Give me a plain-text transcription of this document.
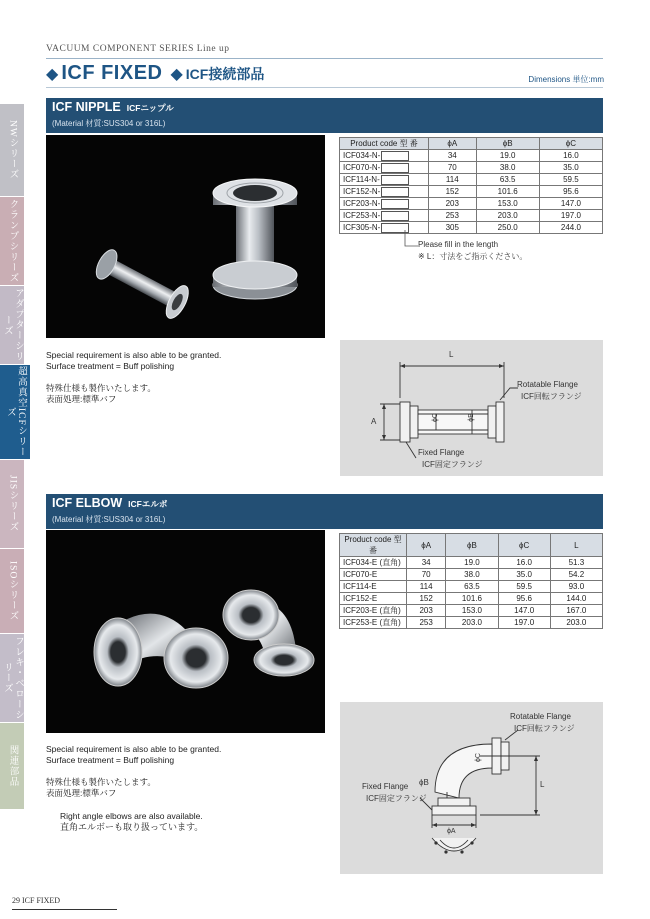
VACUUM COMPONENT SERIES Line up
◆ ICF FIXED ◆ ICF接続部品	Dimensions 単位:mm
NWシリーズ
クランプシリーズ
アダプターシリーズ
超高真空ICFシリーズ
JISシリーズ
ISOシリーズ
フレキ・ベローシリーズ
関連部品
ICF NIPPLE ICFニップル
(Material 材質:SUS304 or 316L)
Product code 型 番	ϕA	ϕB	ϕC
ICF034-N-	34	19.0	16.0
ICF070-N-	70	38.0	35.0
ICF114-N-	114	63.5	59.5
ICF152-N-	152	101.6	95.6
ICF203-N-	203	153.0	147.0
ICF253-N-	253	203.0	197.0
ICF305-N-	305	250.0	244.0
Please fill in the length
※ L：寸法をご指示ください。
Special requirement is also able to be granted.
Surface treatment = Buff polishing
特殊仕様も製作いたします。
表面処理:標準バフ
L
A	ϕC	ϕB
Rotatable Flange
ICF回転フランジ
Fixed Flange
ICF固定フランジ
ICF ELBOW ICFエルボ
(Material 材質:SUS304 or 316L)
Product code 型番	ϕA	ϕB	ϕC	L
ICF034-E (直角)	34	19.0	16.0	51.3
ICF070-E	70	38.0	35.0	54.2
ICF114-E	114	63.5	59.5	93.0
ICF152-E	152	101.6	95.6	144.0
ICF203-E (直角)	203	153.0	147.0	167.0
ICF253-E (直角)	253	203.0	197.0	203.0
Special requirement is also able to be granted.
Surface treatment = Buff polishing
特殊仕様も製作いたします。
表面処理:標準バフ
Right angle elbows are also available.
直角エルボーも取り扱っています。
Rotatable Flange
ICF回転フランジ
Fixed Flange
ICF固定フランジ
ϕB
ϕC
L
ϕA
29 ICF FIXED
